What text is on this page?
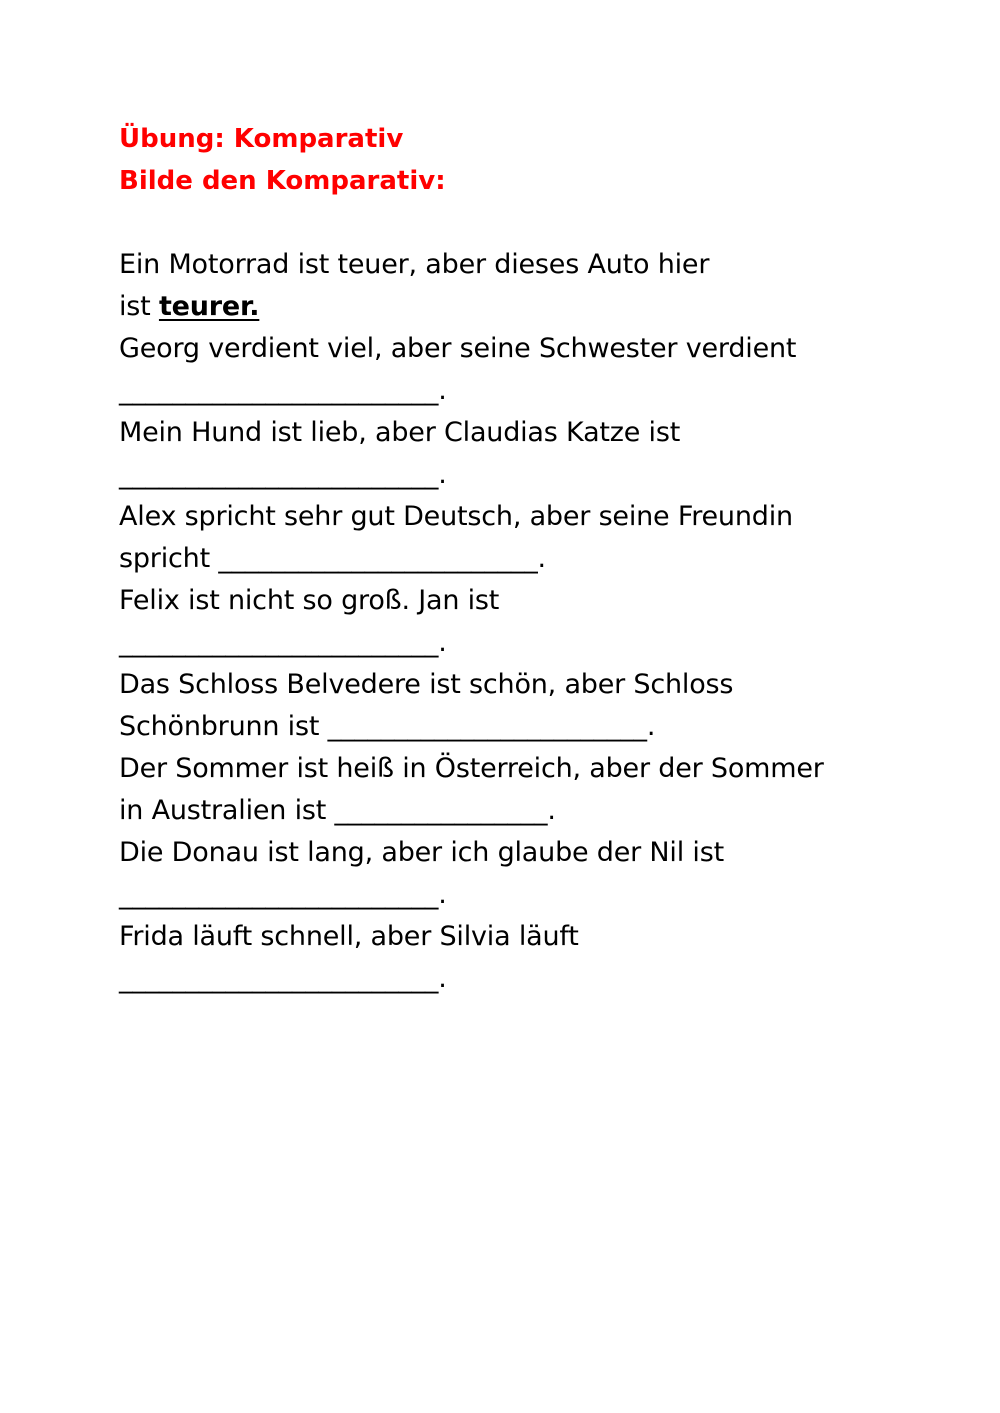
Übung: Komparativ
Bilde den Komparativ:
Ein Motorrad ist teuer, aber dieses Auto hier
ist teurer.
Georg verdient viel, aber seine Schwester verdient
________________________.
Mein Hund ist lieb, aber Claudias Katze ist
________________________.
Alex spricht sehr gut Deutsch, aber seine Freundin
spricht ________________________.
Felix ist nicht so groß. Jan ist
________________________.
Das Schloss Belvedere ist schön, aber Schloss
Schönbrunn ist ________________________.
Der Sommer ist heiß in Österreich, aber der Sommer
in Australien ist ________________.
Die Donau ist lang, aber ich glaube der Nil ist
________________________.
Frida läuft schnell, aber Silvia läuft
________________________.
